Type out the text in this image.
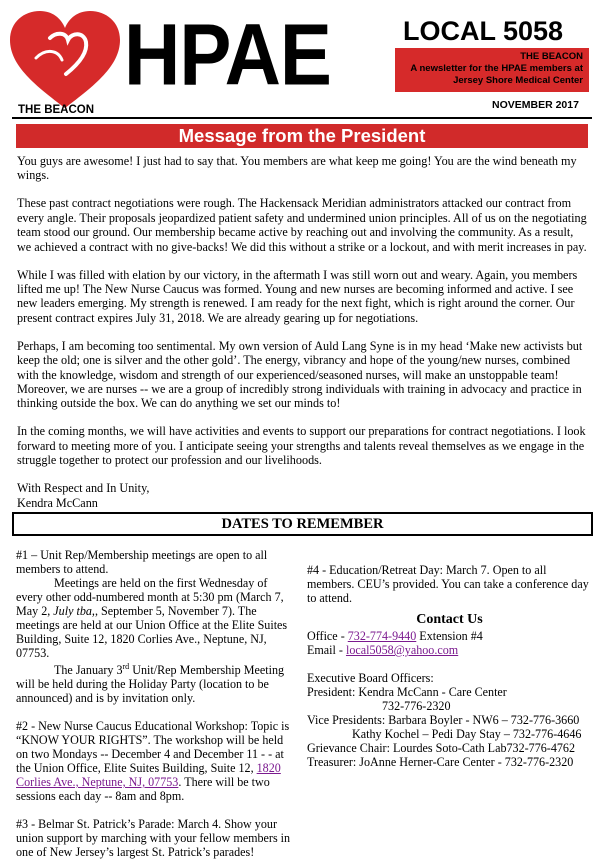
HPAE
THE BEACON
LOCAL 5058
THE BEACON
A newsletter for the HPAE members at
Jersey Shore Medical Center
NOVEMBER 2017
Message from the President

You guys are awesome! I just had to say that. You members are what keep me going! You are the wind beneath my wings.

These past contract negotiations were rough. The Hackensack Meridian administrators attacked our contract from every angle. Their proposals jeopardized patient safety and undermined union principles. All of us on the negotiating team stood our ground. Our membership became active by reaching out and involving the community. As a result, we achieved a contract with no give-backs! We did this without a strike or a lockout, and with merit increases in pay.

While I was filled with elation by our victory, in the aftermath I was still worn out and weary. Again, you members lifted me up! The New Nurse Caucus was formed. Young and new nurses are becoming informed and active. I see new leaders emerging. My strength is renewed. I am ready for the next fight, which is right around the corner. Our present contract expires July 31, 2018. We are already gearing up for negotiations.

Perhaps, I am becoming too sentimental. My own version of Auld Lang Syne is in my head ‘Make new activists but keep the old; one is silver and the other gold’. The energy, vibrancy and hope of the young/new nurses, combined with the knowledge, wisdom and strength of our experienced/seasoned nurses, will make an unstoppable team! Moreover, we are nurses -- we are a group of incredibly strong individuals with training in advocacy and practice in thinking outside the box. We can do anything we set our minds to!

In the coming months, we will have activities and events to support our preparations for contract negotiations. I look forward to meeting more of you. I anticipate seeing your strengths and talents reveal themselves as we engage in the struggle together to protect our profession and our livelihoods.

With Respect and In Unity,

Kendra McCann

DATES TO REMEMBER

#1 – Unit Rep/Membership meetings are open to all members to attend.

Meetings are held on the first Wednesday of every other odd-numbered month at 5:30 pm (March 7, May 2, July tba,, September 5, November 7). The meetings are held at our Union Office at the Elite Suites Building, Suite 12, 1820 Corlies Ave., Neptune, NJ, 07753.

The January 3rd Unit/Rep Membership Meeting will be held during the Holiday Party (location to be announced) and is by invitation only.

#2 - New Nurse Caucus Educational Workshop: Topic is “KNOW YOUR RIGHTS”. The workshop will be held on two Mondays -- December 4 and December 11 - - at the Union Office, Elite Suites Building, Suite 12, 1820 Corlies Ave., Neptune, NJ, 07753. There will be two sessions each day -- 8am and 8pm.

#3 - Belmar St. Patrick’s Parade: March 4. Show your union support by marching with your fellow members in one of New Jersey’s largest St. Patrick’s parades!

#4 - Education/Retreat Day: March 7. Open to all members. CEU’s provided. You can take a conference day to attend.

Contact Us

Office - 732-774-9440 Extension #4

Email - local5058@yahoo.com

Executive Board Officers:

President: Kendra McCann - Care Center

732-776-2320

Vice Presidents: Barbara Boyler - NW6 – 732-776-3660

Kathy Kochel – Pedi Day Stay – 732-776-4646

Grievance Chair: Lourdes Soto-Cath Lab732-776-4762

Treasurer: JoAnne Herner-Care Center - 732-776-2320
